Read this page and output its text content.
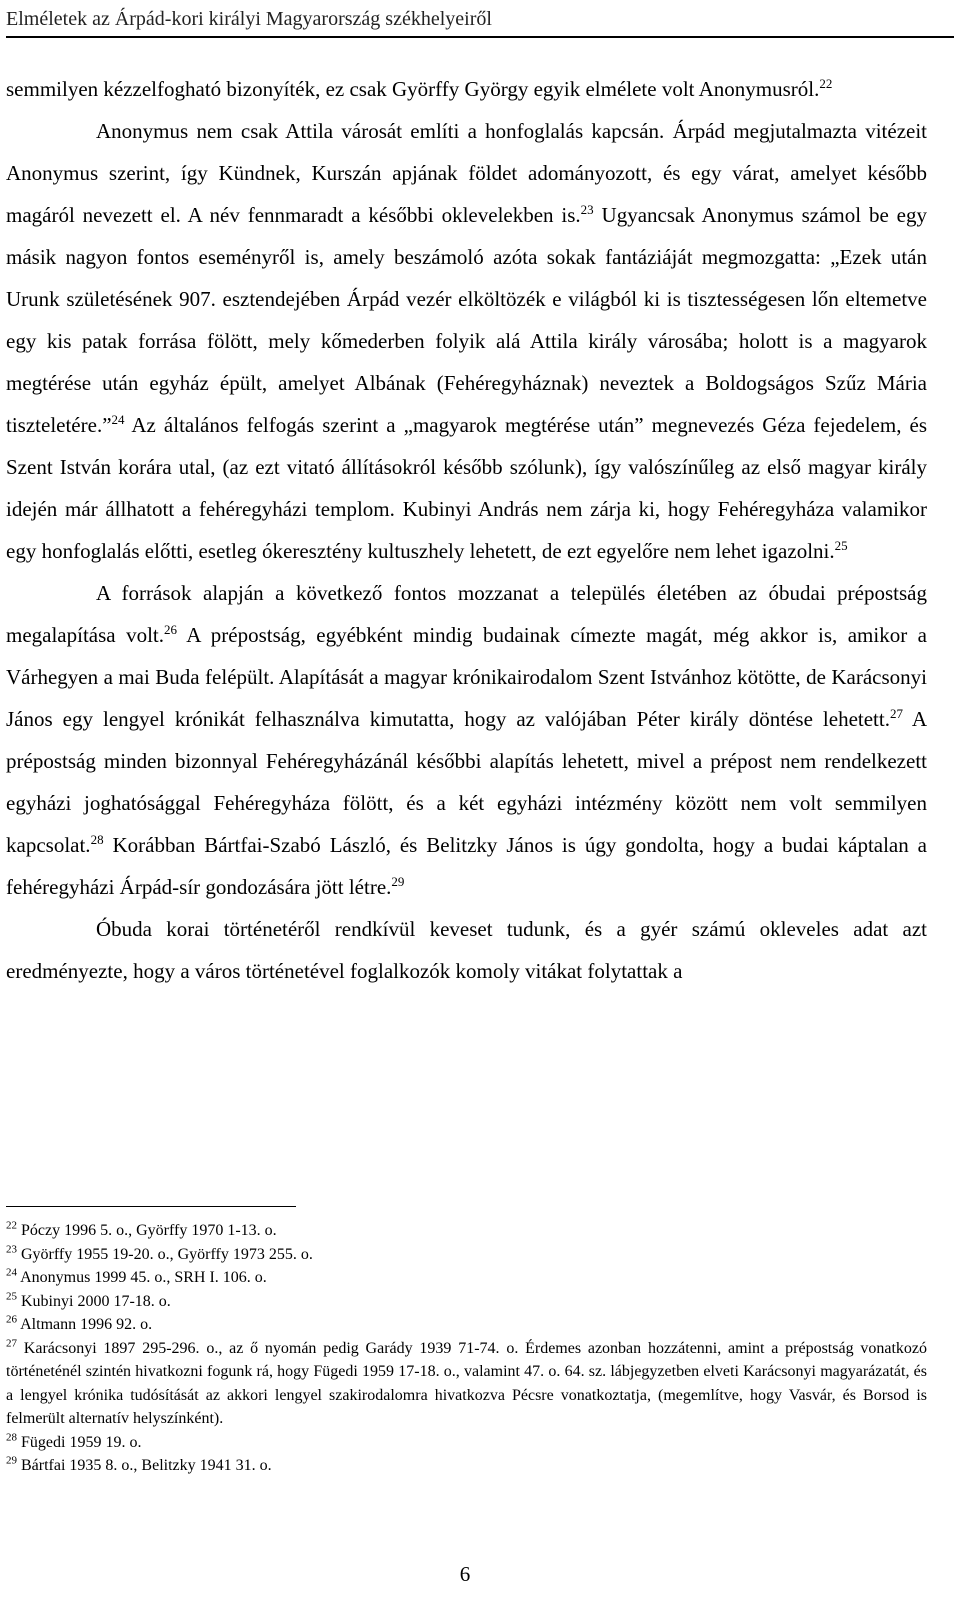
Elméletek az Árpád-kori királyi Magyarország székhelyeiről

semmilyen kézzelfogható bizonyíték, ez csak Györffy György egyik elmélete volt Anonymusról.$^{22}$

Anonymus nem csak Attila városát említi a honfoglalás kapcsán. Árpád megjutalmazta vitézeit Anonymus szerint, így Kündnek, Kurszán apjának földet adományozott, és egy várat, amelyet később magáról nevezett el. A név fennmaradt a későbbi oklevelekben is.$^{23}$ Ugyancsak Anonymus számol be egy másik nagyon fontos eseményről is, amely beszámoló azóta sokak fantáziáját megmozgatta: „Ezek után Urunk születésének 907. esztendejében Árpád vezér elköltözék e világból ki is tisztességesen lőn eltemetve egy kis patak forrása fölött, mely kőmederben folyik alá Attila király városába; holott is a magyarok megtérése után egyház épült, amelyet Albának (Fehéregyháznak) neveztek a Boldogságos Szűz Mária tiszteletére.”$^{24}$ Az általános felfogás szerint a „magyarok megtérése után” megnevezés Géza fejedelem, és Szent István korára utal, (az ezt vitató állításokról később szólunk), így valószínűleg az első magyar király idején már állhatott a fehéregyházi templom. Kubinyi András nem zárja ki, hogy Fehéregyháza valamikor egy honfoglalás előtti, esetleg ókeresztény kultuszhely lehetett, de ezt egyelőre nem lehet igazolni.$^{25}$

A források alapján a következő fontos mozzanat a település életében az óbudai prépostság megalapítása volt.$^{26}$ A prépostság, egyébként mindig budainak címezte magát, még akkor is, amikor a Várhegyen a mai Buda felépült. Alapítását a magyar krónikairodalom Szent Istvánhoz kötötte, de Karácsonyi János egy lengyel krónikát felhasználva kimutatta, hogy az valójában Péter király döntése lehetett.$^{27}$ A prépostság minden bizonnyal Fehéregyházánál későbbi alapítás lehetett, mivel a prépost nem rendelkezett egyházi joghatósággal Fehéregyháza fölött, és a két egyházi intézmény között nem volt semmilyen kapcsolat.$^{28}$ Korábban Bártfai-Szabó László, és Belitzky János is úgy gondolta, hogy a budai káptalan a fehéregyházi Árpád-sír gondozására jött létre.$^{29}$

Óbuda korai történetéről rendkívül keveset tudunk, és a gyér számú okleveles adat azt eredményezte, hogy a város történetével foglalkozók komoly vitákat folytattak a

$^{22}$ Póczy 1996 5. o., Györffy 1970 1-13. o.

$^{23}$ Györffy 1955 19-20. o., Györffy 1973 255. o.

$^{24}$ Anonymus 1999 45. o., SRH I. 106. o.

$^{25}$ Kubinyi 2000 17-18. o.

$^{26}$ Altmann 1996 92. o.

$^{27}$ Karácsonyi 1897 295-296. o., az ő nyomán pedig Garády 1939 71-74. o. Érdemes azonban hozzátenni, amint a prépostság vonatkozó történeténél szintén hivatkozni fogunk rá, hogy Fügedi 1959 17-18. o., valamint 47. o. 64. sz. lábjegyzetben elveti Karácsonyi magyarázatát, és a lengyel krónika tudósítását az akkori lengyel szakirodalomra hivatkozva Pécsre vonatkoztatja, (megemlítve, hogy Vasvár, és Borsod is felmerült alternatív helyszínként).

$^{28}$ Fügedi 1959 19. o.

$^{29}$ Bártfai 1935 8. o., Belitzky 1941 31. o.

6
